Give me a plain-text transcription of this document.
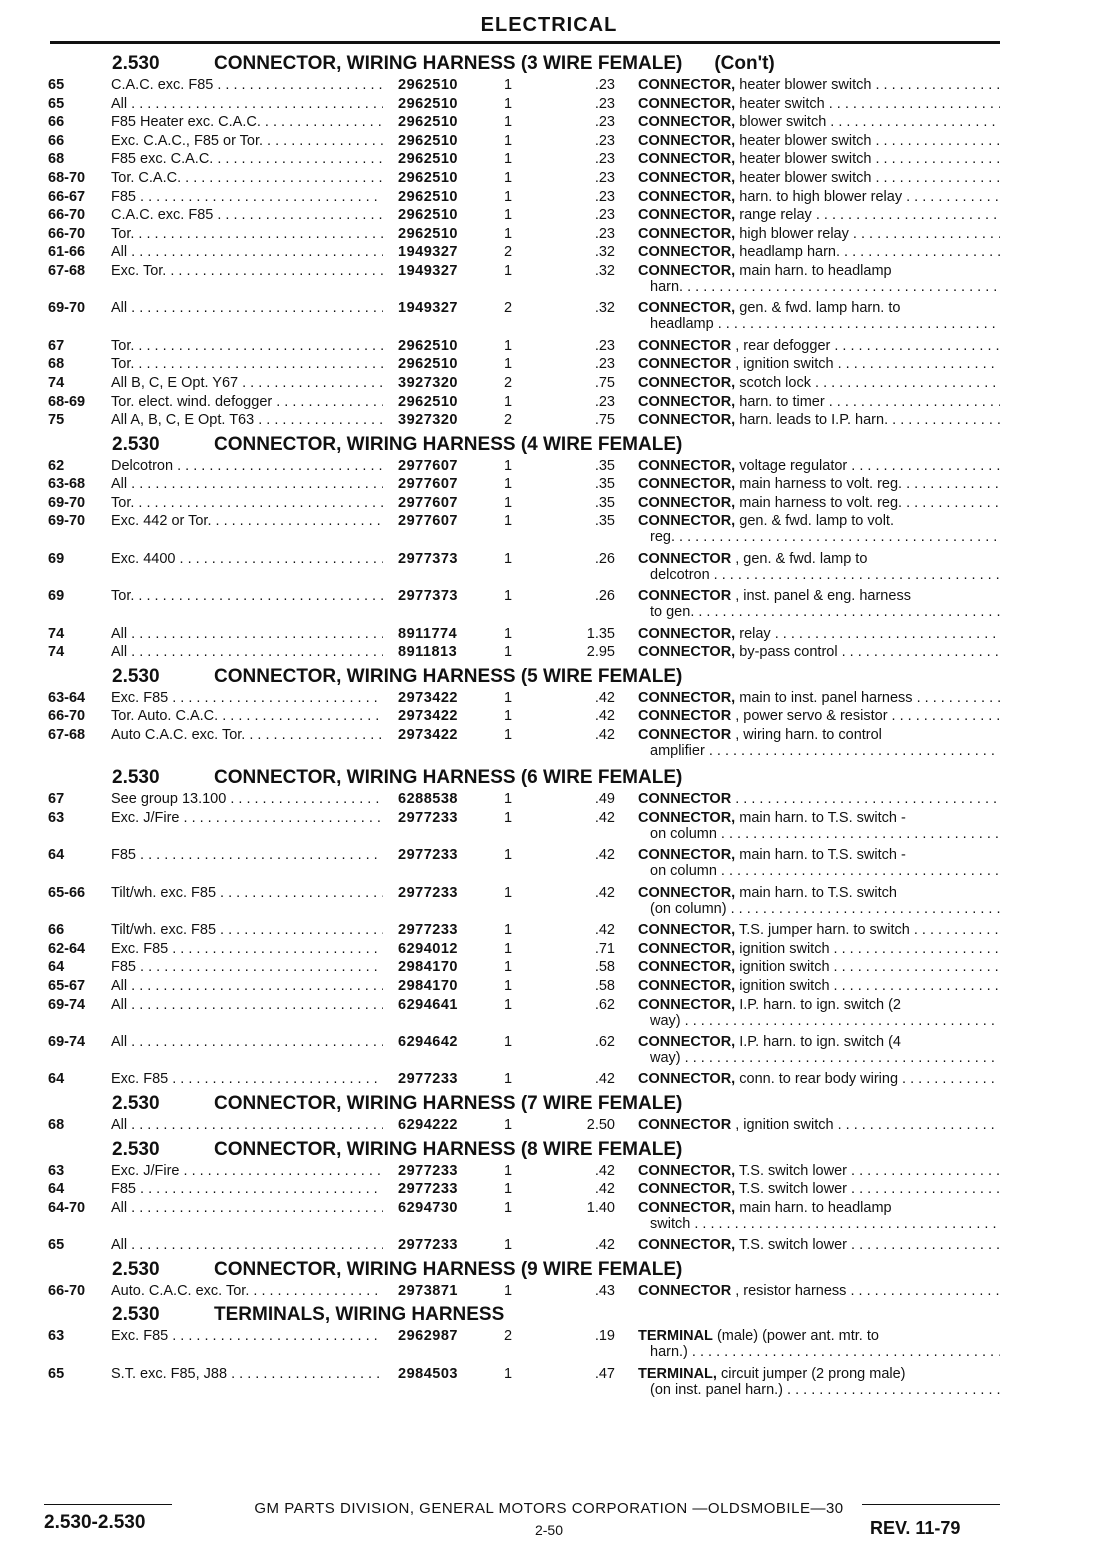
ELECTRICAL
2.530	CONNECTOR, WIRING HARNESS (3 WIRE FEMALE) (Con't)
65	C.A.C. exc. F85 . . .	2962510	1	.23 CONNECTOR, heater blower switch . . .
65	All . . .	2962510	1	.23 CONNECTOR, heater switch . . .
66	F85 Heater exc. C.A.C. . . .	2962510	1	.23 CONNECTOR, blower switch . . .
66	Exc. C.A.C., F85 or Tor. . . .	2962510	1	.23 CONNECTOR, heater blower switch . . .
68	F85 exc. C.A.C. . . .	2962510	1	.23 CONNECTOR, heater blower switch . . .
68-70	Tor. C.A.C. . . .	2962510	1	.23 CONNECTOR, heater blower switch . . .
66-67	F85 . . .	2962510	1	.23 CONNECTOR, harn. to high blower relay . . .
66-70	C.A.C. exc. F85 . . .	2962510	1	.23 CONNECTOR, range relay . . .
66-70	Tor. . . .	2962510	1	.23 CONNECTOR, high blower relay . . .
61-66	All . . .	1949327	2	.32 CONNECTOR, headlamp harn. . . .
67-68	Exc. Tor. . . .	1949327	1	.32 CONNECTOR, main harn. to headlamp
harn. . . .
69-70	All . . .	1949327	2	.32 CONNECTOR, gen. & fwd. lamp harn. to
headlamp . . .
67	Tor. . . .	2962510	1	.23 CONNECTOR , rear defogger . . .
68	Tor. . . .	2962510	1	.23 CONNECTOR , ignition switch . . .
74	All B, C, E Opt. Y67 . . .	3927320	2	.75 CONNECTOR, scotch lock . . .
68-69	Tor. elect. wind. defogger . . .	2962510	1	.23 CONNECTOR, harn. to timer . . .
75	All A, B, C, E Opt. T63 . . .	3927320	2	.75 CONNECTOR, harn. leads to I.P. harn. . . .
2.530	CONNECTOR, WIRING HARNESS (4 WIRE FEMALE)
62	Delcotron . . .	2977607	1	.35 CONNECTOR, voltage regulator . . .
63-68	All . . .	2977607	1	.35 CONNECTOR, main harness to volt. reg. . . .
69-70	Tor. . . .	2977607	1	.35 CONNECTOR, main harness to volt. reg. . . .
69-70	Exc. 442 or Tor. . . .	2977607	1	.35 CONNECTOR, gen. & fwd. lamp to volt.
reg. . . .
69	Exc. 4400 . . .	2977373	1	.26 CONNECTOR , gen. & fwd. lamp to
delcotron . . .
69	Tor. . . .	2977373	1	.26 CONNECTOR , inst. panel & eng. harness
to gen. . . .
74	All . . .	8911774	1	1.35 CONNECTOR, relay . . .
74	All . . .	8911813	1	2.95 CONNECTOR, by-pass control . . .
2.530	CONNECTOR, WIRING HARNESS (5 WIRE FEMALE)
63-64	Exc. F85 . . .	2973422	1	.42 CONNECTOR, main to inst. panel harness . . .
66-70	Tor. Auto. C.A.C. . . .	2973422	1	.42 CONNECTOR , power servo & resistor . . .
67-68	Auto C.A.C. exc. Tor. . . .	2973422	1	.42 CONNECTOR , wiring harn. to control
amplifier . . .
2.530	CONNECTOR, WIRING HARNESS (6 WIRE FEMALE)
67	See group 13.100 . . .	6288538	1	.49 CONNECTOR . . .
63	Exc. J/Fire . . .	2977233	1	.42 CONNECTOR, main harn. to T.S. switch -
on column . . .
64	F85 . . .	2977233	1	.42 CONNECTOR, main harn. to T.S. switch -
on column . . .
65-66	Tilt/wh. exc. F85 . . .	2977233	1	.42 CONNECTOR, main harn. to T.S. switch
(on column) . . .
66	Tilt/wh. exc. F85 . . .	2977233	1	.42 CONNECTOR, T.S. jumper harn. to switch . . .
62-64	Exc. F85 . . .	6294012	1	.71 CONNECTOR, ignition switch . . .
64	F85 . . .	2984170	1	.58 CONNECTOR, ignition switch . . .
65-67	All . . .	2984170	1	.58 CONNECTOR, ignition switch . . .
69-74	All . . .	6294641	1	.62 CONNECTOR, I.P. harn. to ign. switch (2
way) . . .
69-74	All . . .	6294642	1	.62 CONNECTOR, I.P. harn. to ign. switch (4
way) . . .
64	Exc. F85 . . .	2977233	1	.42 CONNECTOR, conn. to rear body wiring . . .
2.530	CONNECTOR, WIRING HARNESS (7 WIRE FEMALE)
68	All . . .	6294222	1	2.50 CONNECTOR , ignition switch . . .
2.530	CONNECTOR, WIRING HARNESS (8 WIRE FEMALE)
63	Exc. J/Fire . . .	2977233	1	.42 CONNECTOR, T.S. switch lower . . .
64	F85 . . .	2977233	1	.42 CONNECTOR, T.S. switch lower . . .
64-70	All . . .	6294730	1	1.40 CONNECTOR, main harn. to headlamp
switch . . .
65	All . . .	2977233	1	.42 CONNECTOR, T.S. switch lower . . .
2.530	CONNECTOR, WIRING HARNESS (9 WIRE FEMALE)
66-70	Auto. C.A.C. exc. Tor. . . .	2973871	1	.43 CONNECTOR , resistor harness . . .
2.530	TERMINALS, WIRING HARNESS
63	Exc. F85 . . .	2962987	2	.19 TERMINAL (male) (power ant. mtr. to
harn.) . . .
65	S.T. exc. F85, J88 . . .	2984503	1	.47 TERMINAL, circuit jumper (2 prong male)
(on inst. panel harn.) . . .
GM PARTS DIVISION, GENERAL MOTORS CORPORATION —OLDSMOBILE—30
2.530-2.530	2-50	REV. 11-79
